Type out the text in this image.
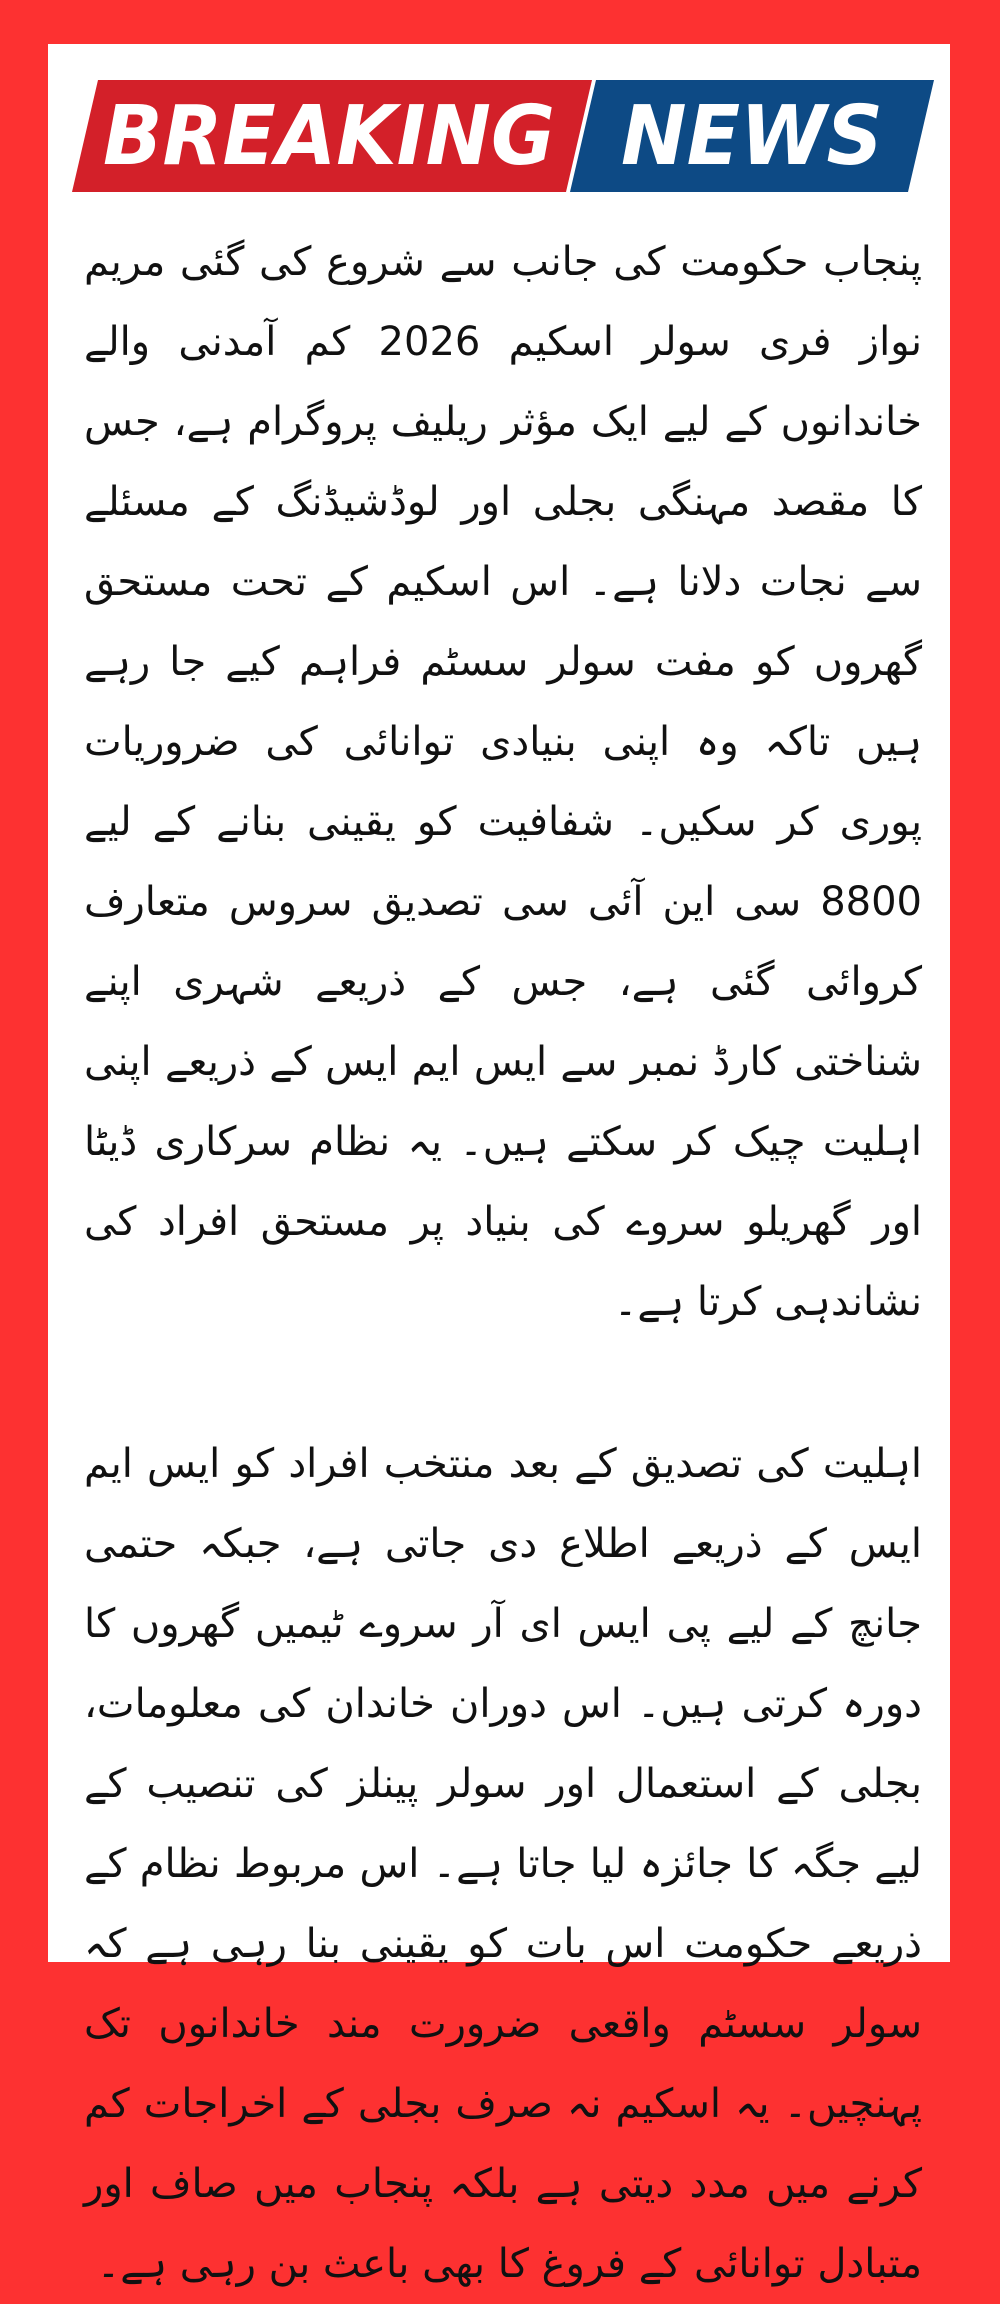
BREAKING NEWS

پنجاب حکومت کی جانب سے شروع کی گئی مریم نواز فری سولر اسکیم 2026 کم آمدنی والے خاندانوں کے لیے ایک مؤثر ریلیف پروگرام ہے، جس کا مقصد مہنگی بجلی اور لوڈشیڈنگ کے مسئلے سے نجات دلانا ہے۔ اس اسکیم کے تحت مستحق گھروں کو مفت سولر سسٹم فراہم کیے جا رہے ہیں تاکہ وہ اپنی بنیادی توانائی کی ضروریات پوری کر سکیں۔ شفافیت کو یقینی بنانے کے لیے 8800 سی این آئی سی تصدیق سروس متعارف کروائی گئی ہے، جس کے ذریعے شہری اپنے شناختی کارڈ نمبر سے ایس ایم ایس کے ذریعے اپنی اہلیت چیک کر سکتے ہیں۔ یہ نظام سرکاری ڈیٹا اور گھریلو سروے کی بنیاد پر مستحق افراد کی نشاندہی کرتا ہے۔

اہلیت کی تصدیق کے بعد منتخب افراد کو ایس ایم ایس کے ذریعے اطلاع دی جاتی ہے، جبکہ حتمی جانچ کے لیے پی ایس ای آر سروے ٹیمیں گھروں کا دورہ کرتی ہیں۔ اس دوران خاندان کی معلومات، بجلی کے استعمال اور سولر پینلز کی تنصیب کے لیے جگہ کا جائزہ لیا جاتا ہے۔ اس مربوط نظام کے ذریعے حکومت اس بات کو یقینی بنا رہی ہے کہ سولر سسٹم واقعی ضرورت مند خاندانوں تک پہنچیں۔ یہ اسکیم نہ صرف بجلی کے اخراجات کم کرنے میں مدد دیتی ہے بلکہ پنجاب میں صاف اور متبادل توانائی کے فروغ کا بھی باعث بن رہی ہے۔
